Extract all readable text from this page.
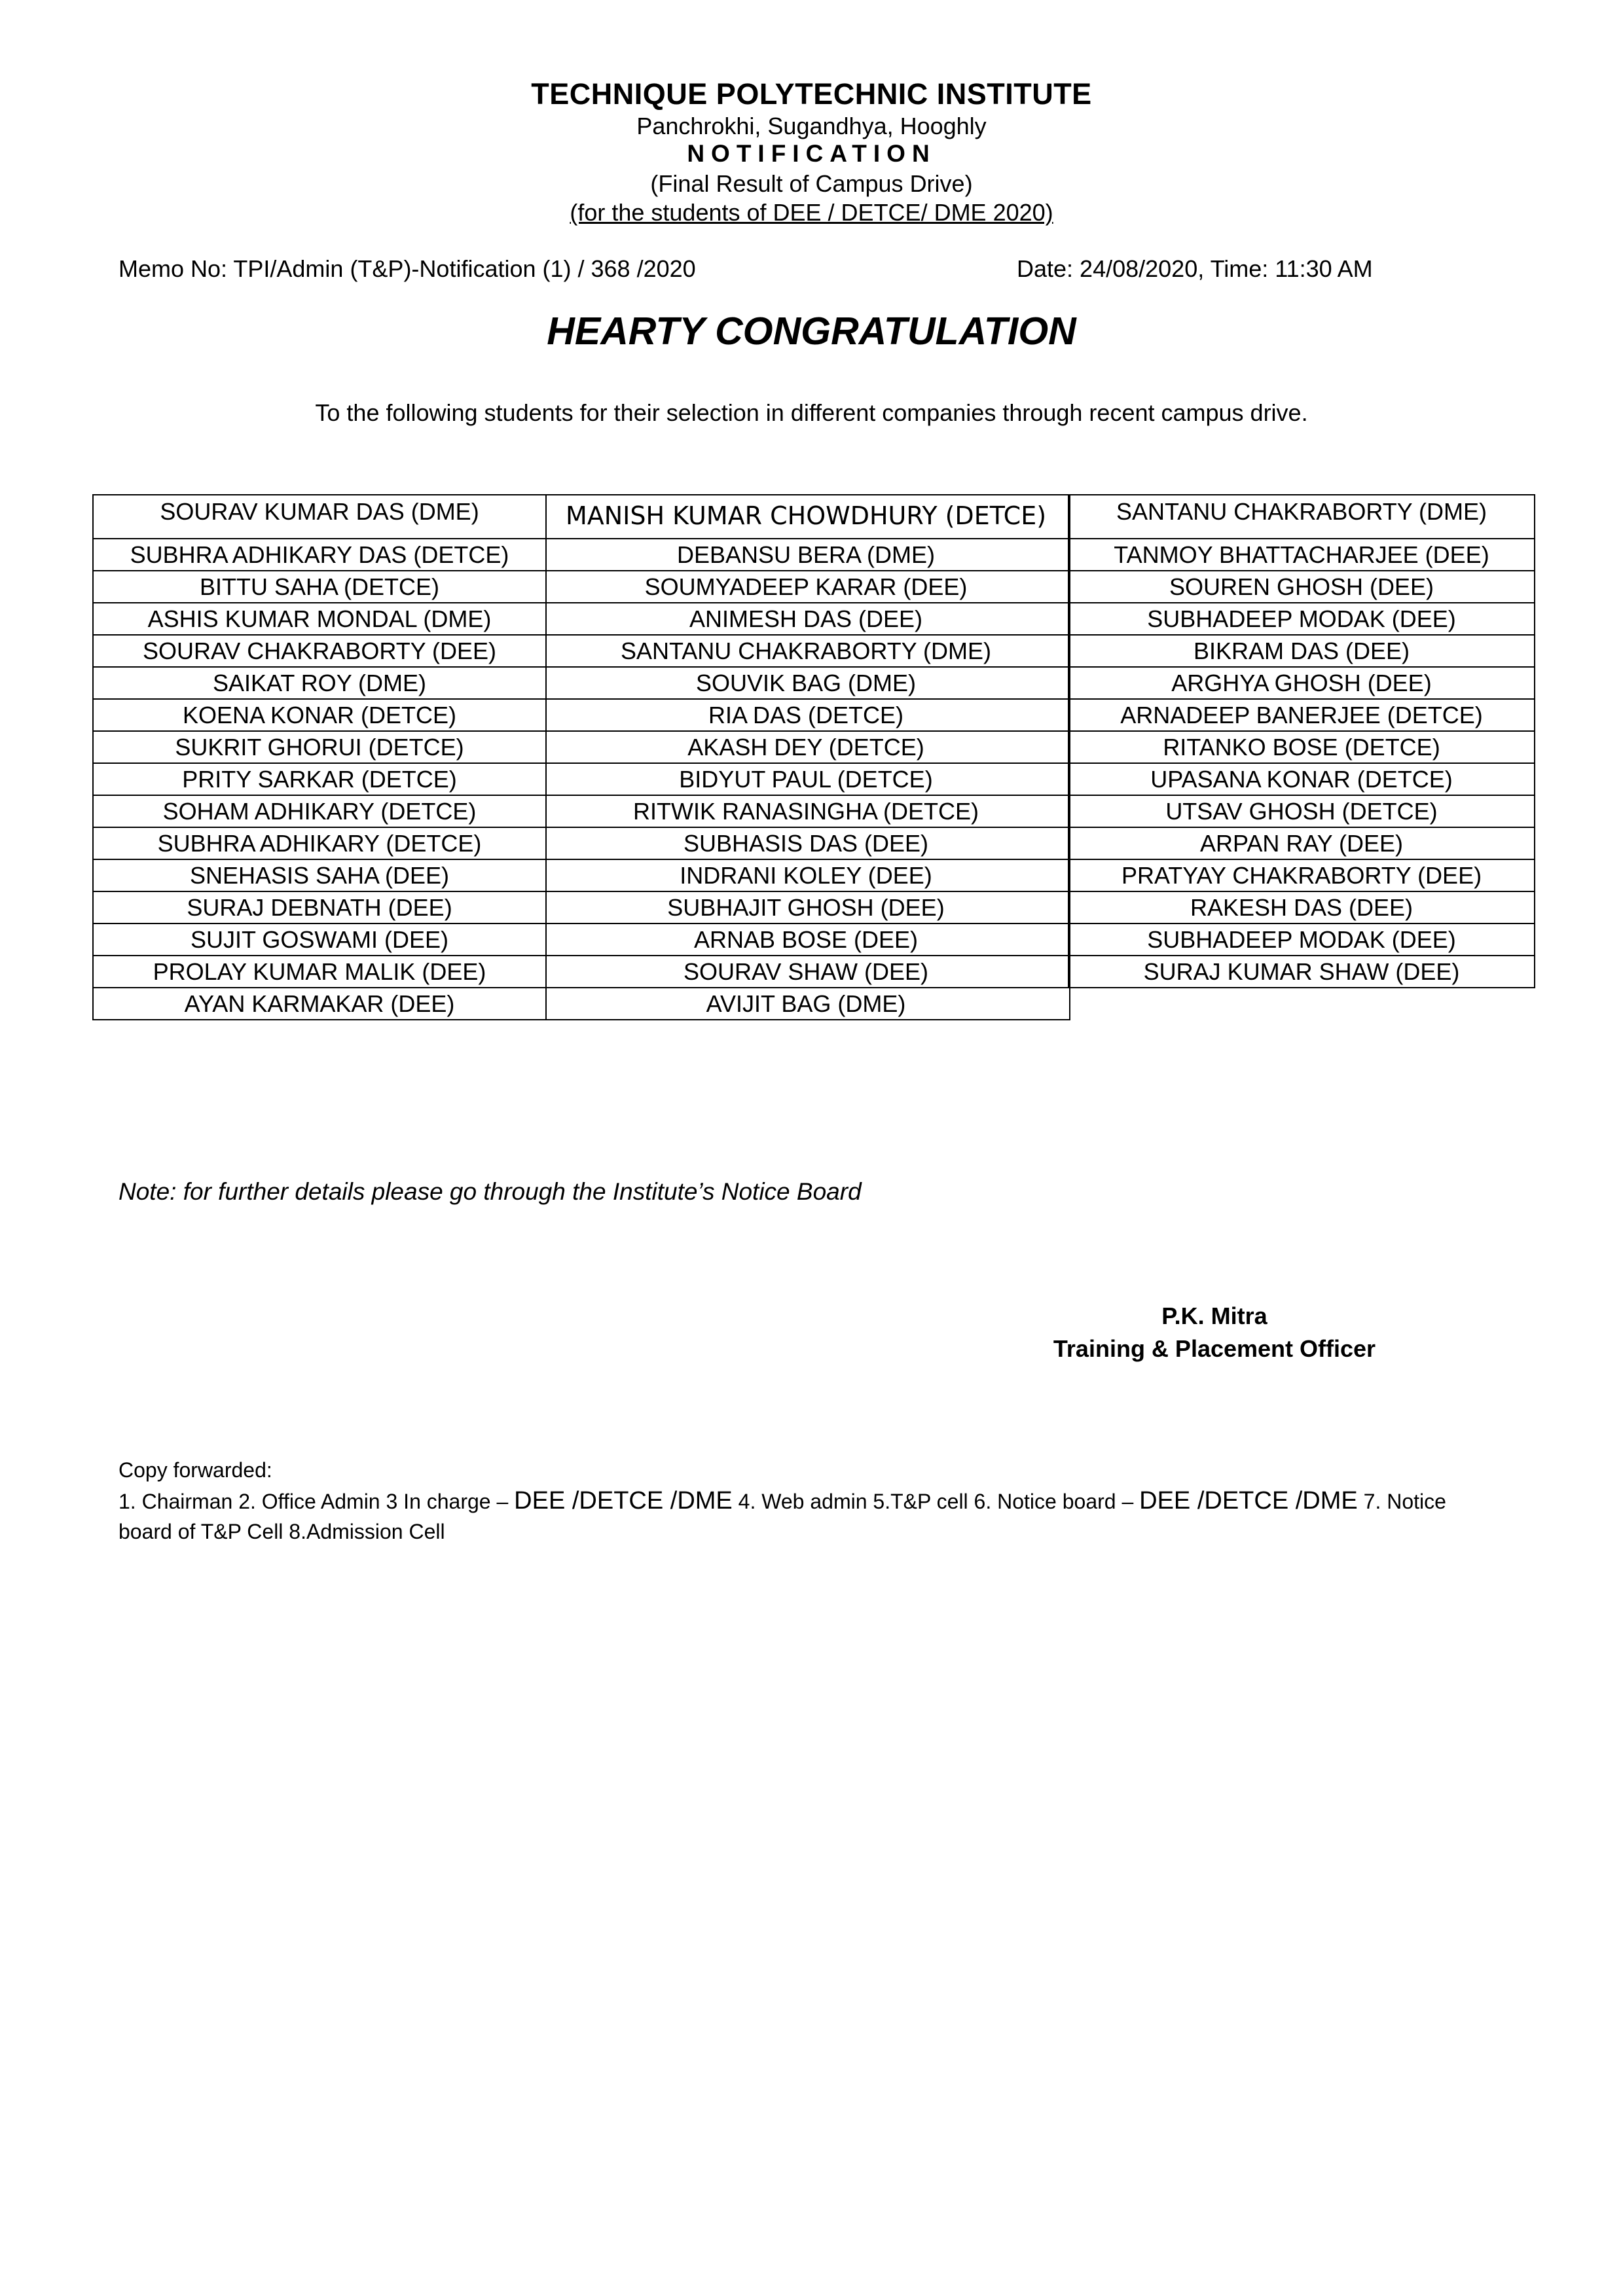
TECHNIQUE POLYTECHNIC INSTITUTE
Panchrokhi, Sugandhya, Hooghly
NOTIFICATION
(Final Result of Campus Drive)
(for the students of DEE / DETCE/ DME 2020)
Memo No: TPI/Admin (T&P)-Notification (1) / 368 /2020	Date: 24/08/2020, Time: 11:30 AM
HEARTY CONGRATULATION
To the following students for their selection in different companies through recent campus drive.
SOURAV KUMAR DAS (DME)
SUBHRA ADHIKARY DAS (DETCE)
BITTU SAHA (DETCE)
ASHIS KUMAR MONDAL (DME)
SOURAV CHAKRABORTY (DEE)
SAIKAT ROY (DME)
KOENA KONAR (DETCE)
SUKRIT GHORUI (DETCE)
PRITY SARKAR (DETCE)
SOHAM ADHIKARY (DETCE)
SUBHRA ADHIKARY (DETCE)
SNEHASIS SAHA (DEE)
SURAJ DEBNATH (DEE)
SUJIT GOSWAMI (DEE)
PROLAY KUMAR MALIK (DEE)
AYAN KARMAKAR (DEE)
MANISH KUMAR CHOWDHURY (DETCE)
DEBANSU BERA (DME)
SOUMYADEEP KARAR (DEE)
ANIMESH DAS (DEE)
SANTANU CHAKRABORTY (DME)
SOUVIK BAG (DME)
RIA DAS (DETCE)
AKASH DEY (DETCE)
BIDYUT PAUL (DETCE)
RITWIK RANASINGHA (DETCE)
SUBHASIS DAS (DEE)
INDRANI KOLEY (DEE)
SUBHAJIT GHOSH (DEE)
ARNAB BOSE (DEE)
SOURAV SHAW (DEE)
AVIJIT BAG (DME)
SANTANU CHAKRABORTY (DME)
TANMOY BHATTACHARJEE (DEE)
SOUREN GHOSH (DEE)
SUBHADEEP MODAK (DEE)
BIKRAM DAS (DEE)
ARGHYA GHOSH (DEE)
ARNADEEP BANERJEE (DETCE)
RITANKO BOSE (DETCE)
UPASANA KONAR (DETCE)
UTSAV GHOSH (DETCE)
ARPAN RAY (DEE)
PRATYAY CHAKRABORTY (DEE)
RAKESH DAS (DEE)
SUBHADEEP MODAK (DEE)
SURAJ KUMAR SHAW (DEE)
Note: for further details please go through the Institute’s Notice Board
P.K. Mitra
Training & Placement Officer
Copy forwarded:
1. Chairman 2. Office Admin 3 In charge – DEE /DETCE /DME 4. Web admin 5.T&P cell 6. Notice board – DEE /DETCE /DME 7. Notice board of T&P Cell 8.Admission Cell
